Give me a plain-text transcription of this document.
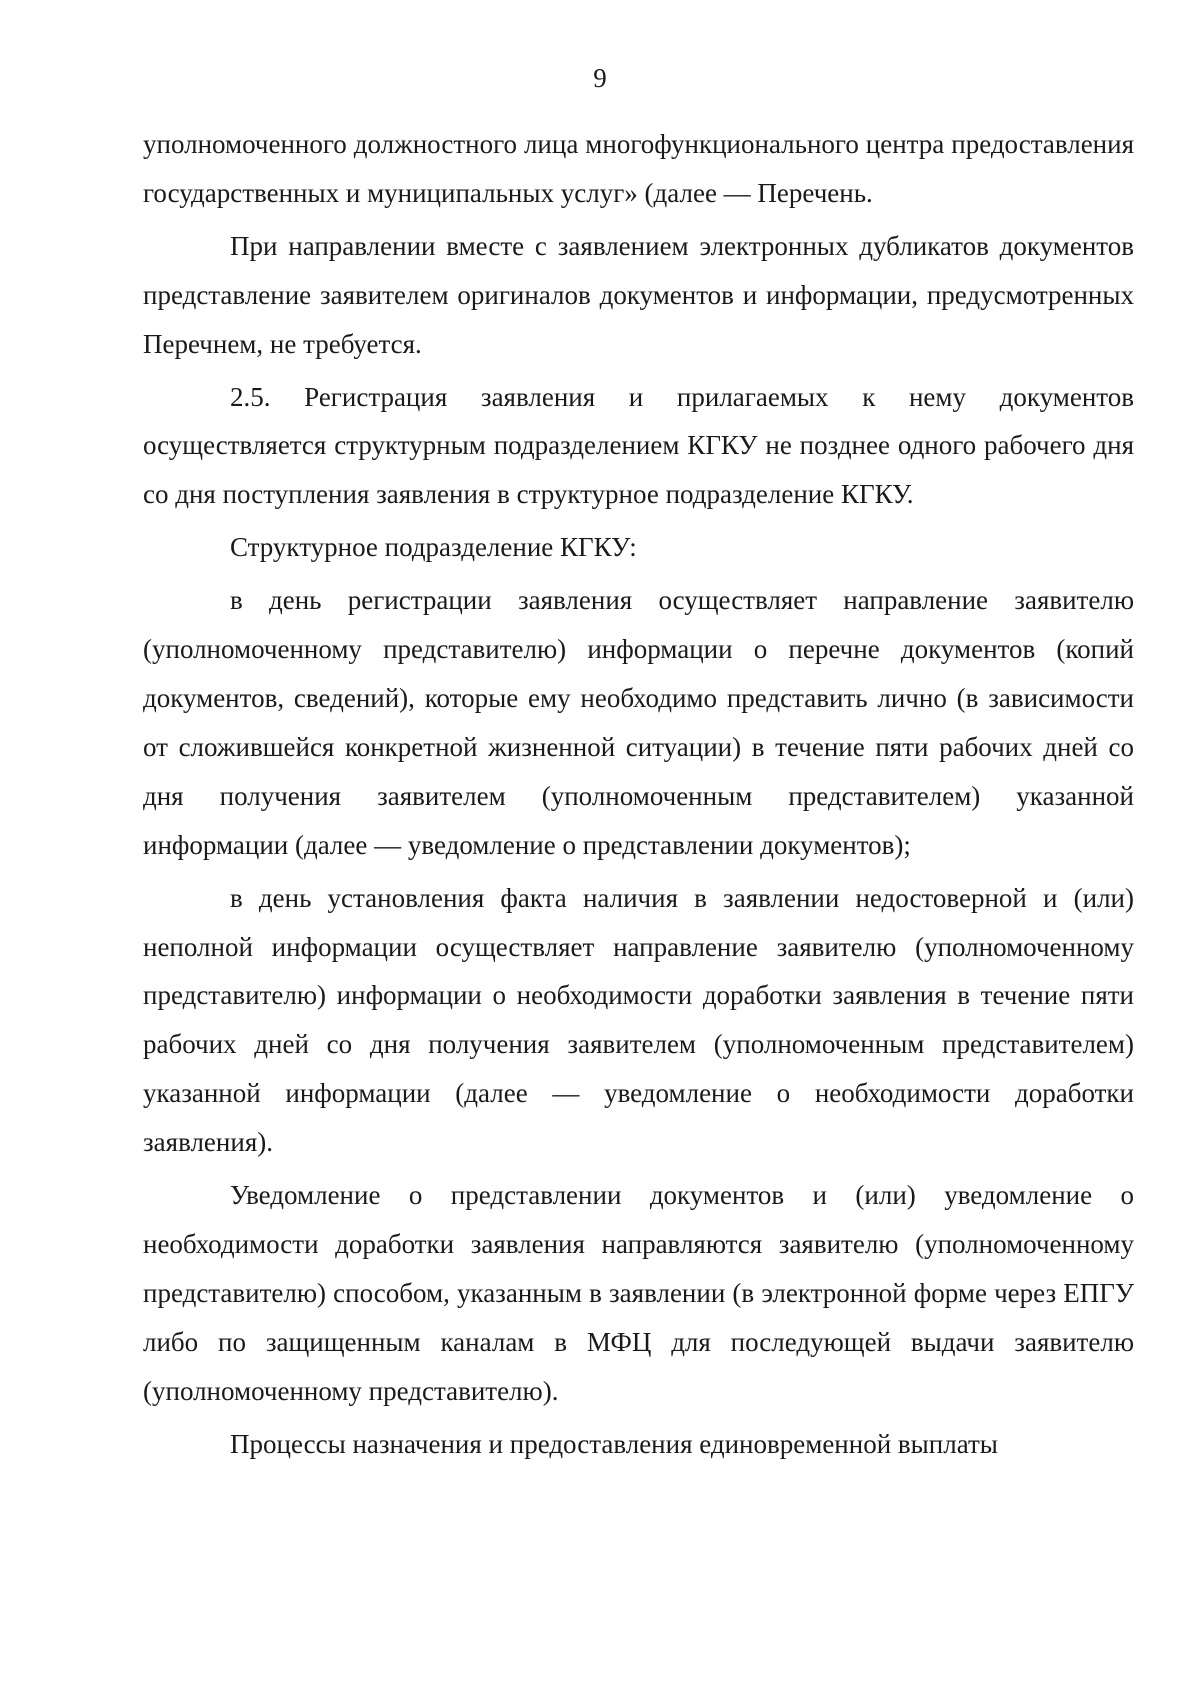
9

уполномоченного должностного лица многофункционального центра предоставления государственных и муниципальных услуг» (далее — Перечень.

При направлении вместе с заявлением электронных дубликатов документов представление заявителем оригиналов документов и информации, предусмотренных Перечнем, не требуется.

2.5. Регистрация заявления и прилагаемых к нему документов осуществляется структурным подразделением КГКУ не позднее одного рабочего дня со дня поступления заявления в структурное подразделение КГКУ.

Структурное подразделение КГКУ:

в день регистрации заявления осуществляет направление заявителю (уполномоченному представителю) информации о перечне документов (копий документов, сведений), которые ему необходимо представить лично (в зависимости от сложившейся конкретной жизненной ситуации) в течение пяти рабочих дней со дня получения заявителем (уполномоченным представителем) указанной информации (далее — уведомление о представлении документов);

в день установления факта наличия в заявлении недостоверной и (или) неполной информации осуществляет направление заявителю (уполномоченному представителю) информации о необходимости доработки заявления в течение пяти рабочих дней со дня получения заявителем (уполномоченным представителем) указанной информации (далее — уведомление о необходимости доработки заявления).

Уведомление о представлении документов и (или) уведомление о необходимости доработки заявления направляются заявителю (уполномоченному представителю) способом, указанным в заявлении (в электронной форме через ЕПГУ либо по защищенным каналам в МФЦ для последующей выдачи заявителю (уполномоченному представителю).

Процессы назначения и предоставления единовременной выплаты
